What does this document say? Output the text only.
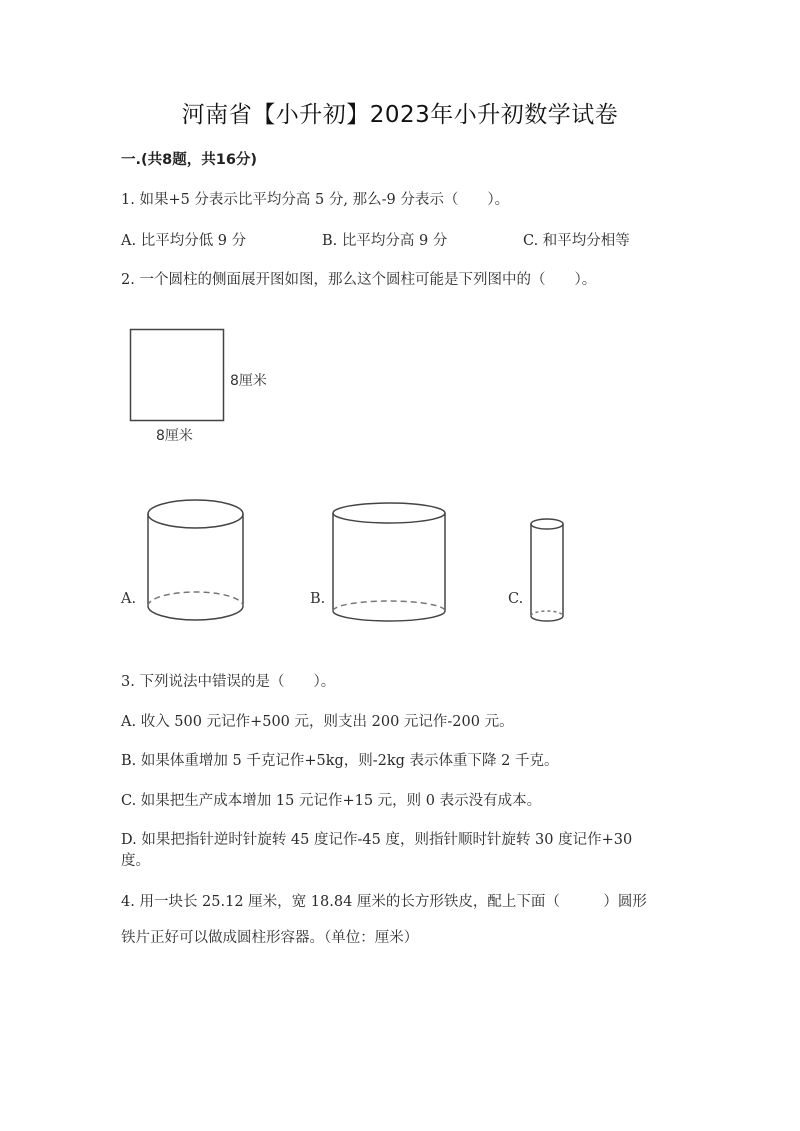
河南省【小升初】2023年小升初数学试卷
一.(共8题，共16分)
1. 如果+5 分表示比平均分高 5 分, 那么-9 分表示（　　）。
A. 比平均分低 9 分	B. 比平均分高 9 分	C. 和平均分相等
2. 一个圆柱的侧面展开图如图，那么这个圆柱可能是下列图中的（　　）。
8厘米
8厘米
A.	B.	C.
3. 下列说法中错误的是（　　）。
A. 收入 500 元记作+500 元，则支出 200 元记作-200 元。
B. 如果体重增加 5 千克记作+5kg，则-2kg 表示体重下降 2 千克。
C. 如果把生产成本增加 15 元记作+15 元，则 0 表示没有成本。
D. 如果把指针逆时针旋转 45 度记作-45 度，则指针顺时针旋转 30 度记作+30
度。
4. 用一块长 25.12 厘米，宽 18.84 厘米的长方形铁皮，配上下面（　　　）圆形
铁片正好可以做成圆柱形容器。（单位：厘米）
